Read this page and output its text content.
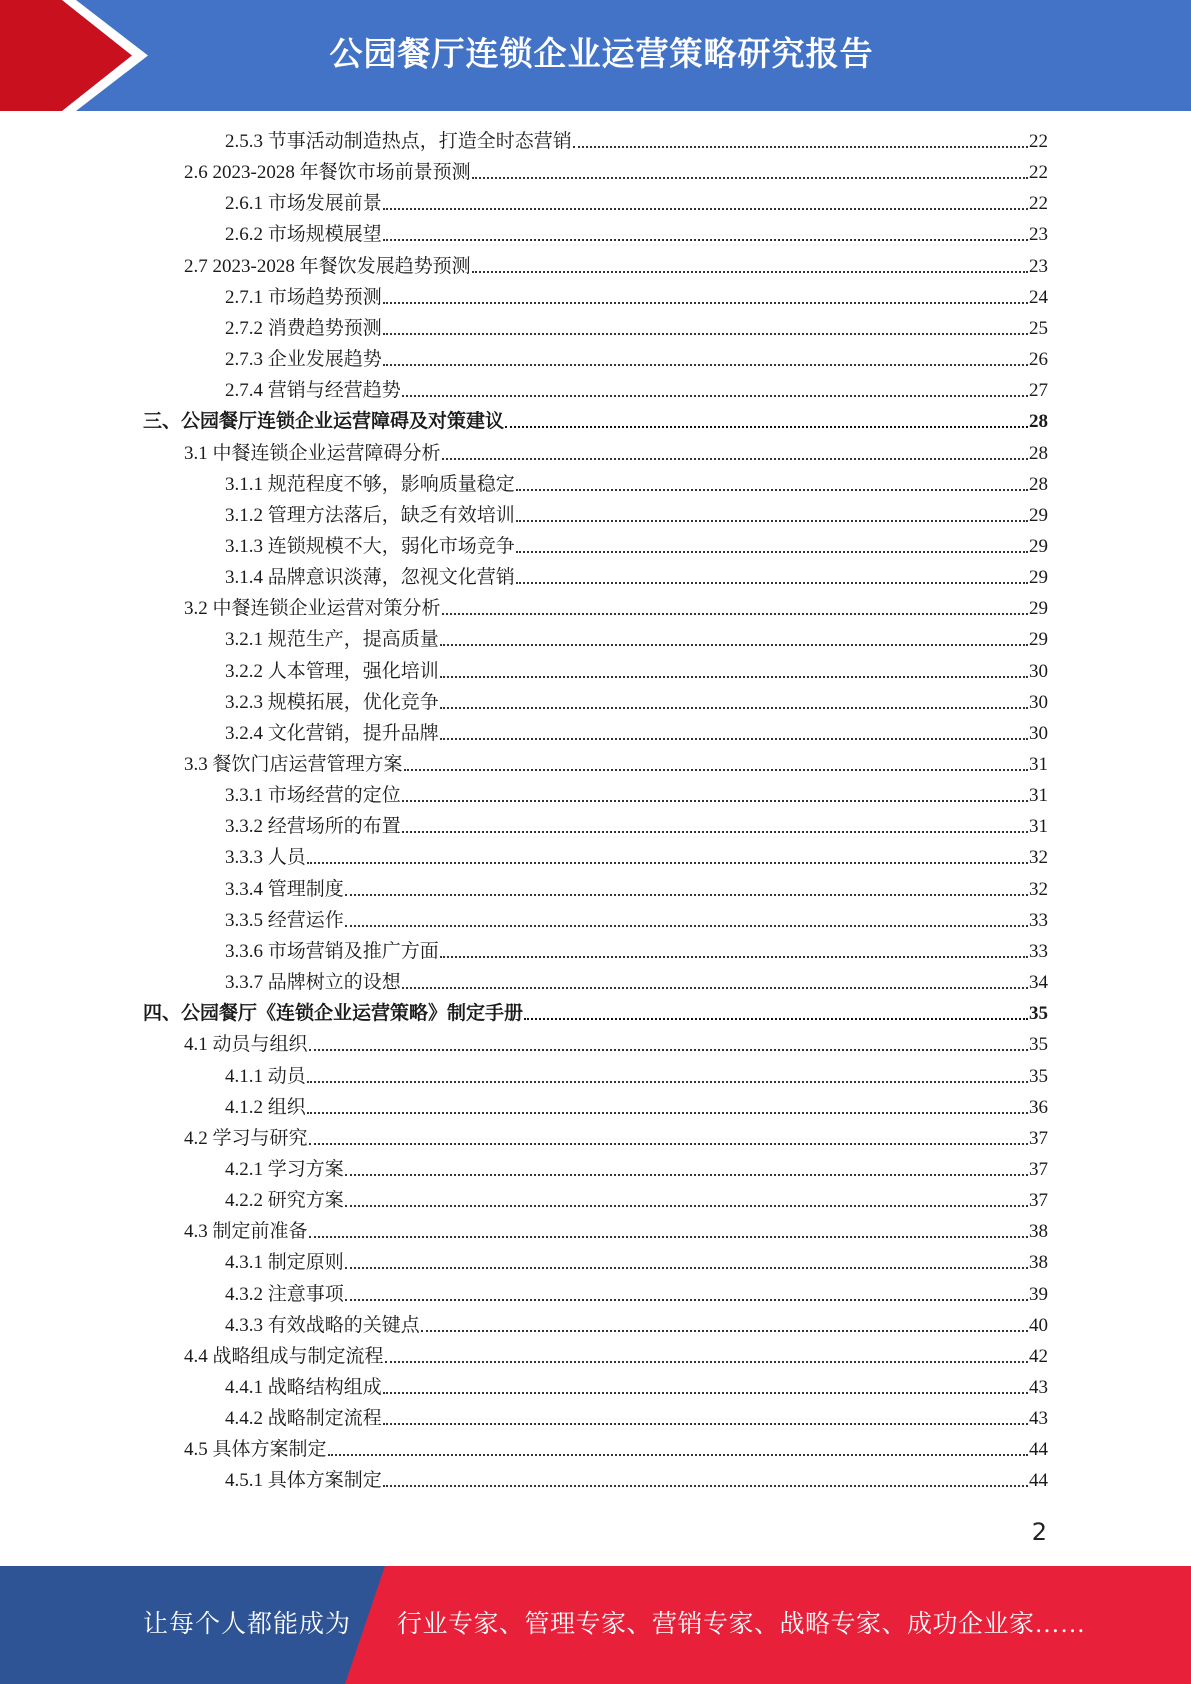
公园餐厅连锁企业运营策略研究报告
2.5.3 节事活动制造热点，打造全时态营销	22
2.6 2023-2028 年餐饮市场前景预测	22
2.6.1 市场发展前景	22
2.6.2 市场规模展望	23
2.7 2023-2028 年餐饮发展趋势预测	23
2.7.1 市场趋势预测	24
2.7.2 消费趋势预测	25
2.7.3 企业发展趋势	26
2.7.4 营销与经营趋势	27
三、公园餐厅连锁企业运营障碍及对策建议	28
3.1 中餐连锁企业运营障碍分析	28
3.1.1 规范程度不够，影响质量稳定	28
3.1.2 管理方法落后，缺乏有效培训	29
3.1.3 连锁规模不大，弱化市场竞争	29
3.1.4 品牌意识淡薄，忽视文化营销	29
3.2 中餐连锁企业运营对策分析	29
3.2.1 规范生产，提高质量	29
3.2.2 人本管理，强化培训	30
3.2.3 规模拓展，优化竞争	30
3.2.4 文化营销，提升品牌	30
3.3 餐饮门店运营管理方案	31
3.3.1 市场经营的定位	31
3.3.2 经营场所的布置	31
3.3.3 人员	32
3.3.4 管理制度	32
3.3.5 经营运作	33
3.3.6 市场营销及推广方面	33
3.3.7 品牌树立的设想	34
四、公园餐厅《连锁企业运营策略》制定手册	35
4.1 动员与组织	35
4.1.1 动员	35
4.1.2 组织	36
4.2 学习与研究	37
4.2.1 学习方案	37
4.2.2 研究方案	37
4.3 制定前准备	38
4.3.1 制定原则	38
4.3.2 注意事项	39
4.3.3 有效战略的关键点	40
4.4 战略组成与制定流程	42
4.4.1 战略结构组成	43
4.4.2 战略制定流程	43
4.5 具体方案制定	44
4.5.1 具体方案制定	44
2
让每个人都能成为 行业专家、管理专家、营销专家、战略专家、成功企业家……
